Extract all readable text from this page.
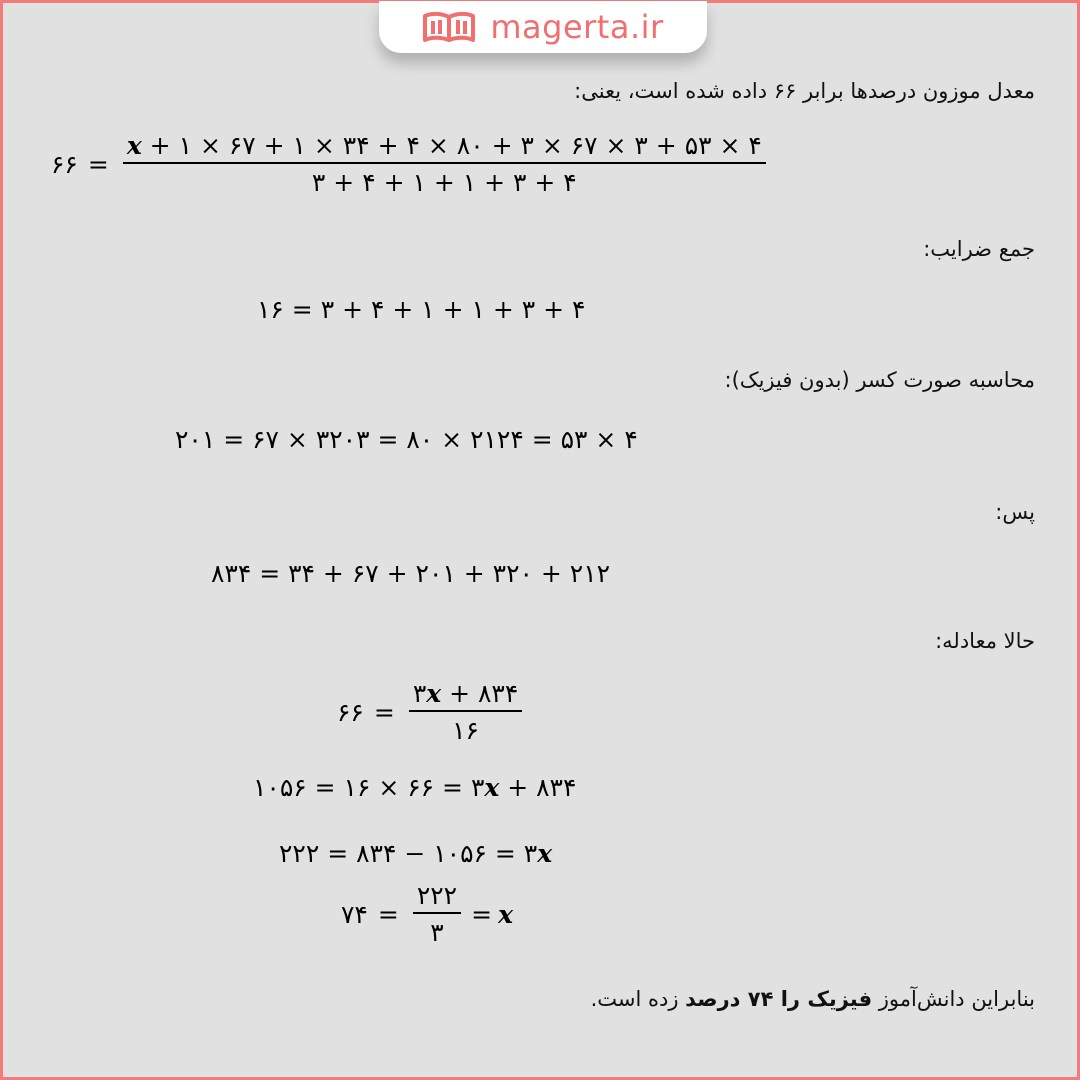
magerta.ir
معدل موزون درصدها برابر ۶۶ داده شده است، یعنی:
۶۶ = $\frac{x + ۱ \times ۶۷ + ۱ \times ۳۴ + ۴ \times ۸۰ + ۳ \times ۶۷ \times ۳ + ۵۳ \times ۴}{۳ + ۴ + ۱ + ۱ + ۳ + ۴}$
جمع ضرایب:
۱۶ = ۳ + ۴ + ۱ + ۱ + ۳ + ۴
محاسبه صورت کسر (بدون فیزیک):
۲۰۱ = ۶۷ × ۳۲۰۳ = ۸۰ × ۲۱۲۴ = ۵۳ × ۴
پس:
۸۳۴ = ۳۴ + ۶۷ + ۲۰۱ + ۳۲۰ + ۲۱۲
حالا معادله:
۶۶ = $\frac{۳x + ۸۳۴}{۱۶}$
۱۰۵۶ = ۱۶ × ۶۶ = ۳ x
+ ۸۳۴
۲۲۲ = ۸۳۴ − ۱۰۵۶ = ۳ x
۷۴ = $\frac{۲۲۲}{۳} = x$
بنابراین دانش‌آموز فیزیک را ۷۴ درصد زده است.
